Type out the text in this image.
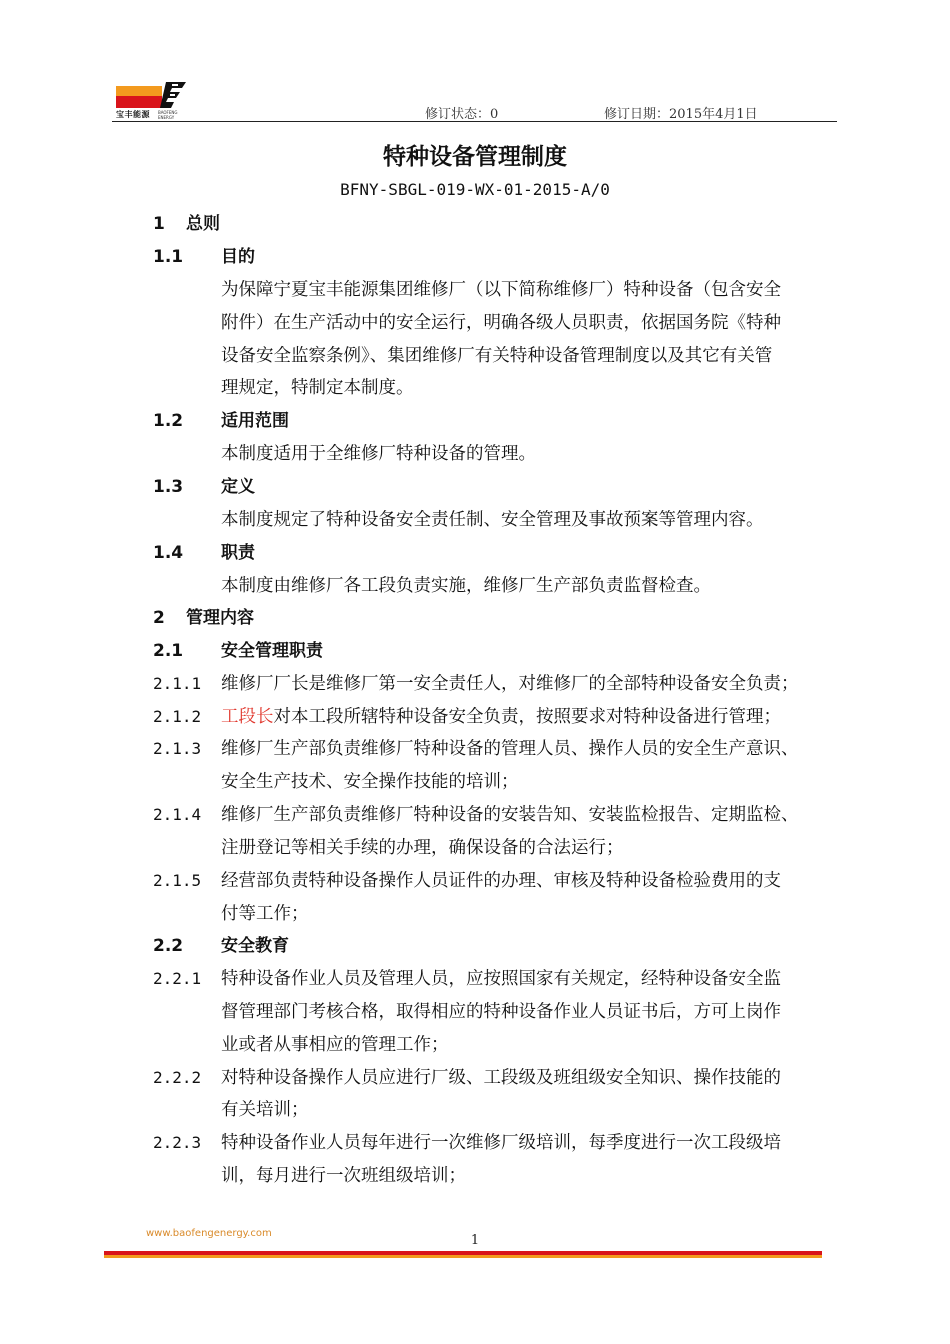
宝丰能源 BAOFENG ENERGY	修订状态：0	修订日期：2015年4月1日
特种设备管理制度
BFNY-SBGL-019-WX-01-2015-A/0
1 总则
1.1 目的
为保障宁夏宝丰能源集团维修厂（以下简称维修厂）特种设备（包含安全
附件）在生产活动中的安全运行，明确各级人员职责，依据国务院《特种
设备安全监察条例》、集团维修厂有关特种设备管理制度以及其它有关管
理规定，特制定本制度。
1.2 适用范围
本制度适用于全维修厂特种设备的管理。
1.3 定义
本制度规定了特种设备安全责任制、安全管理及事故预案等管理内容。
1.4 职责
本制度由维修厂各工段负责实施，维修厂生产部负责监督检查。
2 管理内容
2.1 安全管理职责
2.1.1 维修厂厂长是维修厂第一安全责任人，对维修厂的全部特种设备安全负责；
2.1.2 工段长对本工段所辖特种设备安全负责，按照要求对特种设备进行管理；
2.1.3 维修厂生产部负责维修厂特种设备的管理人员、操作人员的安全生产意识、
安全生产技术、安全操作技能的培训；
2.1.4 维修厂生产部负责维修厂特种设备的安装告知、安装监检报告、定期监检、
注册登记等相关手续的办理，确保设备的合法运行；
2.1.5 经营部负责特种设备操作人员证件的办理、审核及特种设备检验费用的支
付等工作；
2.2 安全教育
2.2.1 特种设备作业人员及管理人员，应按照国家有关规定，经特种设备安全监
督管理部门考核合格，取得相应的特种设备作业人员证书后，方可上岗作
业或者从事相应的管理工作；
2.2.2 对特种设备操作人员应进行厂级、工段级及班组级安全知识、操作技能的
有关培训；
2.2.3 特种设备作业人员每年进行一次维修厂级培训，每季度进行一次工段级培
训，每月进行一次班组级培训；
www.baofengenergy.com	1
